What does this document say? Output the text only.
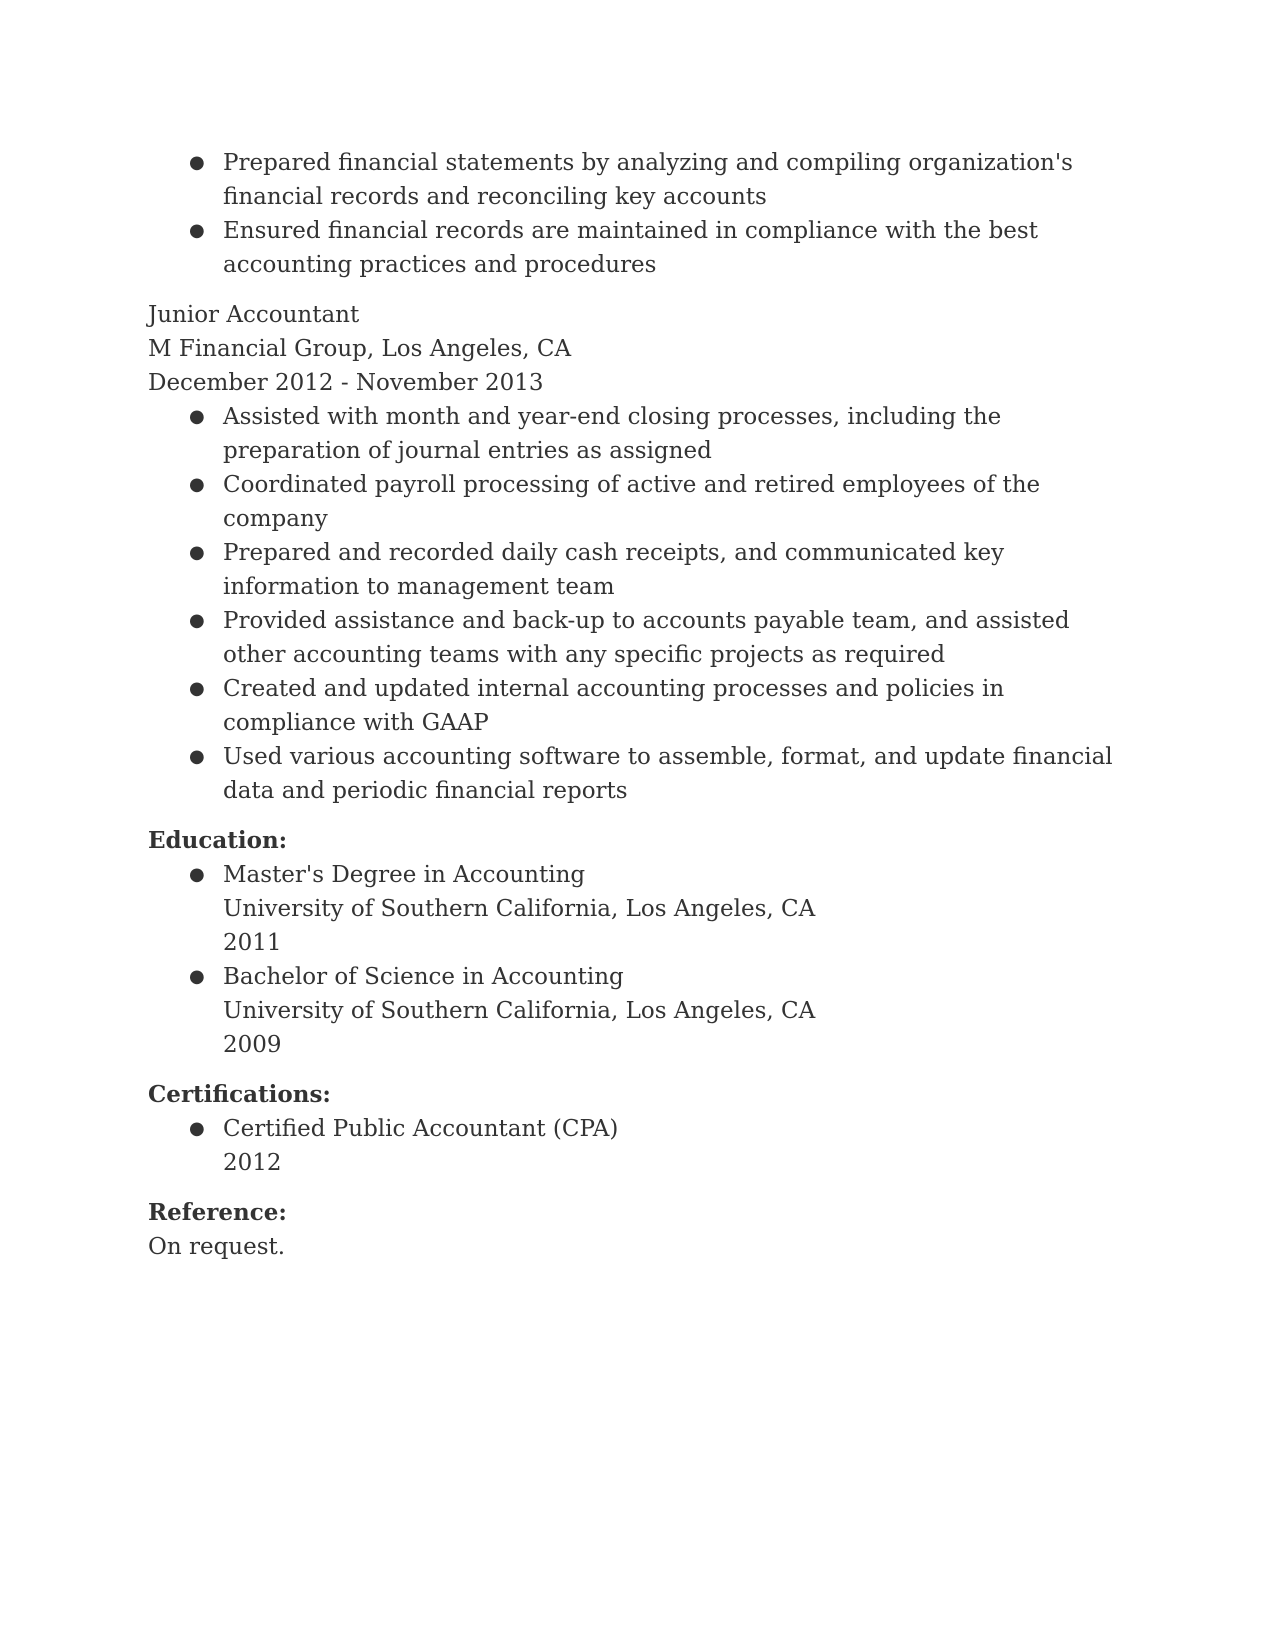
● Prepared financial statements by analyzing and compiling organization's financial records and reconciling key accounts
● Ensured financial records are maintained in compliance with the best accounting practices and procedures
Junior Accountant
M Financial Group, Los Angeles, CA
December 2012 - November 2013
● Assisted with month and year-end closing processes, including the preparation of journal entries as assigned
● Coordinated payroll processing of active and retired employees of the company
● Prepared and recorded daily cash receipts, and communicated key information to management team
● Provided assistance and back-up to accounts payable team, and assisted other accounting teams with any specific projects as required
● Created and updated internal accounting processes and policies in compliance with GAAP
● Used various accounting software to assemble, format, and update financial data and periodic financial reports
Education:
● Master's Degree in Accounting
University of Southern California, Los Angeles, CA
2011
● Bachelor of Science in Accounting
University of Southern California, Los Angeles, CA
2009
Certifications:
● Certified Public Accountant (CPA)
2012
Reference:
On request.
